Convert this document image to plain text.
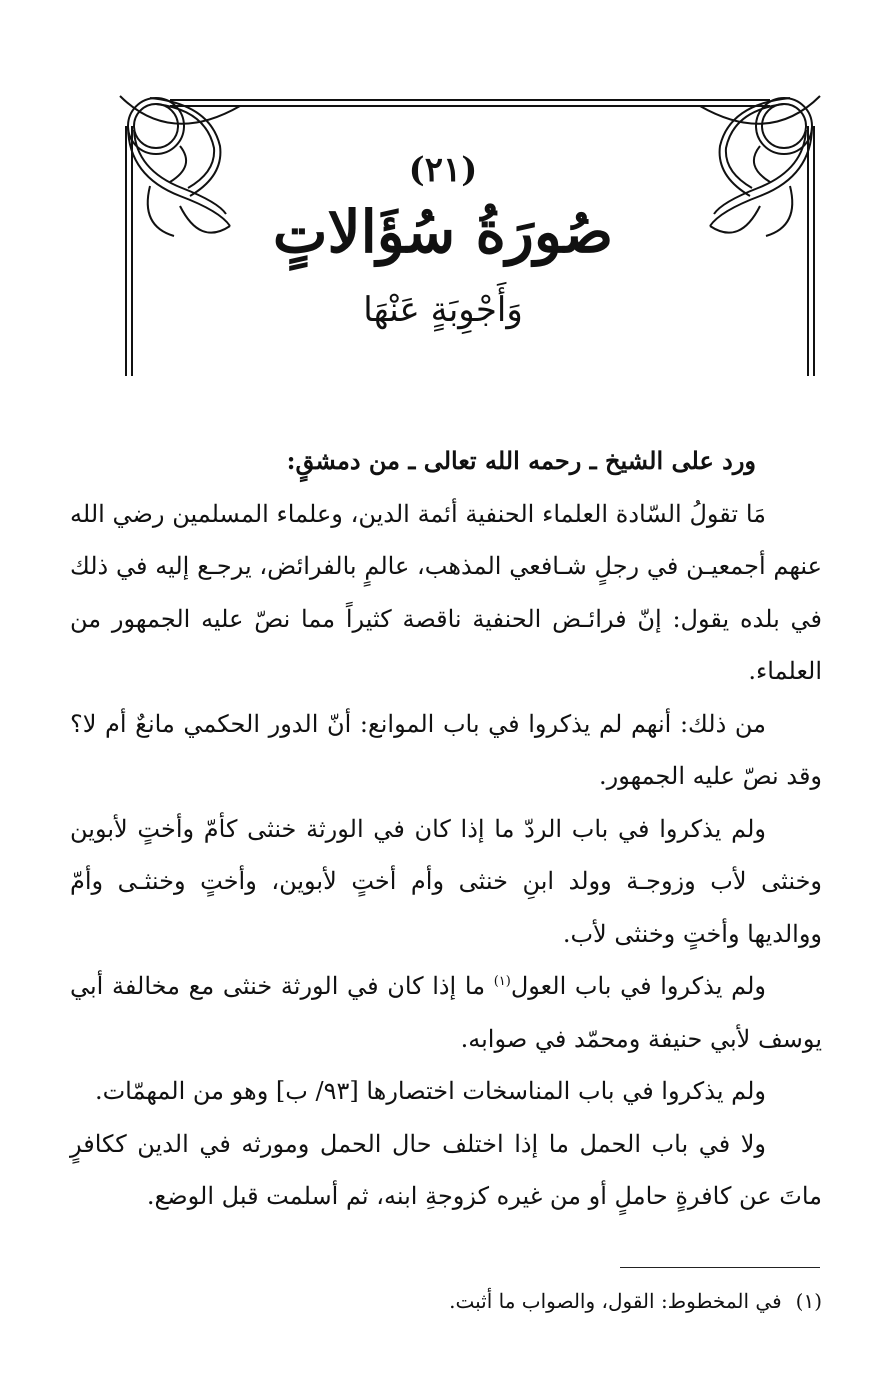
(٢١)
صُورَةُ سُؤَالاتٍ
وَأَجْوِبَةٍ عَنْهَا

ورد على الشيخ ـ رحمه الله تعالى ـ من دمشقٍ:

مَا تقولُ السّادة العلماء الحنفية أئمة الدين، وعلماء المسلمين رضي الله عنهم أجمعيـن في رجلٍ شـافعي المذهب، عالمٍ بالفرائض، يرجـع إليه في ذلك في بلده يقول: إنّ فرائـض الحنفية ناقصة كثيراً مما نصّ عليه الجمهور من العلماء.

من ذلك: أنهم لم يذكروا في باب الموانع: أنّ الدور الحكمي مانعٌ أم لا؟ وقد نصّ عليه الجمهور.

ولم يذكروا في باب الردّ ما إذا كان في الورثة خنثى كأمّ وأختٍ لأبوين وخنثى لأب وزوجـة وولد ابنِ خنثى وأم أختٍ لأبوين، وأختٍ وخنثـى وأمّ ووالديها وأختٍ وخنثى لأب.

ولم يذكروا في باب العول$^{(١)}$ ما إذا كان في الورثة خنثى مع مخالفة أبي يوسف لأبي حنيفة ومحمّد في صوابه.

ولم يذكروا في باب المناسخات اختصارها [٩٣/ ب] وهو من المهمّات.

ولا في باب الحمل ما إذا اختلف حال الحمل ومورثه في الدين ككافرٍ ماتَ عن كافرةٍ حاملٍ أو من غيره كزوجةِ ابنه، ثم أسلمت قبل الوضع.

(١)في المخطوط: القول، والصواب ما أثبت.
